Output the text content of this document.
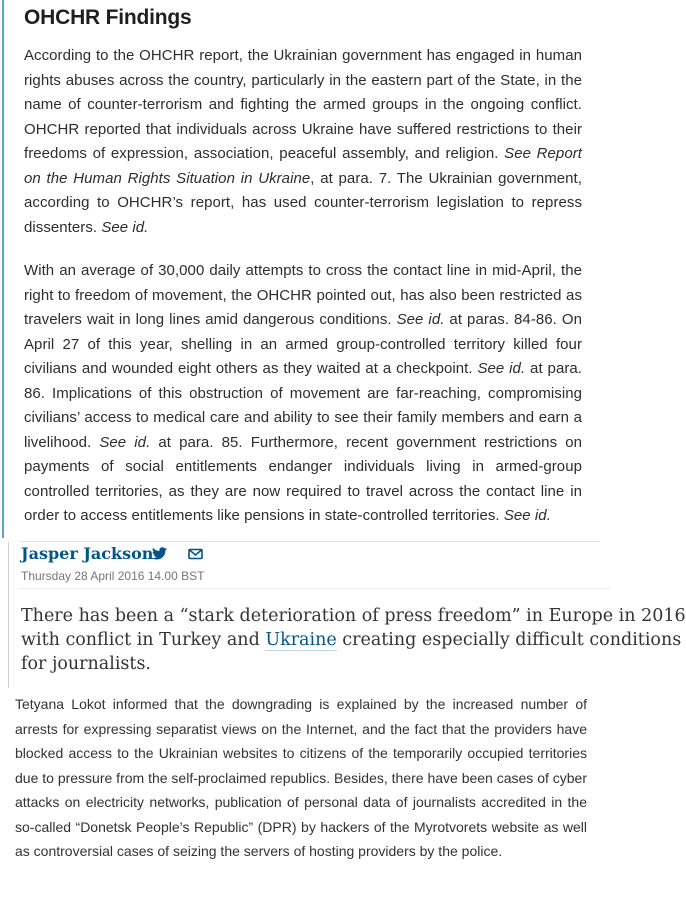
OHCHR Findings

According to the OHCHR report, the Ukrainian government has engaged in human rights abuses across the country, particularly in the eastern part of the State, in the name of counter-terrorism and fighting the armed groups in the ongoing conflict. OHCHR reported that individuals across Ukraine have suffered restrictions to their freedoms of expression, association, peaceful assembly, and religion. See Report on the Human Rights Situation in Ukraine, at para. 7. The Ukrainian government, according to OHCHR’s report, has used counter-terrorism legislation to repress dissenters. See id.

With an average of 30,000 daily attempts to cross the contact line in mid-April, the right to freedom of movement, the OHCHR pointed out, has also been restricted as travelers wait in long lines amid dangerous conditions. See id. at paras. 84-86. On April 27 of this year, shelling in an armed group-controlled territory killed four civilians and wounded eight others as they waited at a checkpoint. See id. at para. 86. Implications of this obstruction of movement are far-reaching, compromising civilians’ access to medical care and ability to see their family members and earn a livelihood. See id. at para. 85. Furthermore, recent government restrictions on payments of social entitlements endanger individuals living in armed-group controlled territories, as they are now required to travel across the contact line in order to access entitlements like pensions in state-controlled territories. See id.

Jasper Jackson
Thursday 28 April 2016 14.00 BST

There has been a “stark deterioration of press freedom” in Europe in 2016
with conflict in Turkey and Ukraine creating especially difficult conditions
for journalists.

Tetyana Lokot informed that the downgrading is explained by the increased number of arrests for expressing separatist views on the Internet, and the fact that the providers have blocked access to the Ukrainian websites to citizens of the temporarily occupied territories due to pressure from the self-proclaimed republics. Besides, there have been cases of cyber attacks on electricity networks, publication of personal data of journalists accredited in the so-called “Donetsk People’s Republic” (DPR) by hackers of the Myrotvorets website as well as controversial cases of seizing the servers of hosting providers by the police.
